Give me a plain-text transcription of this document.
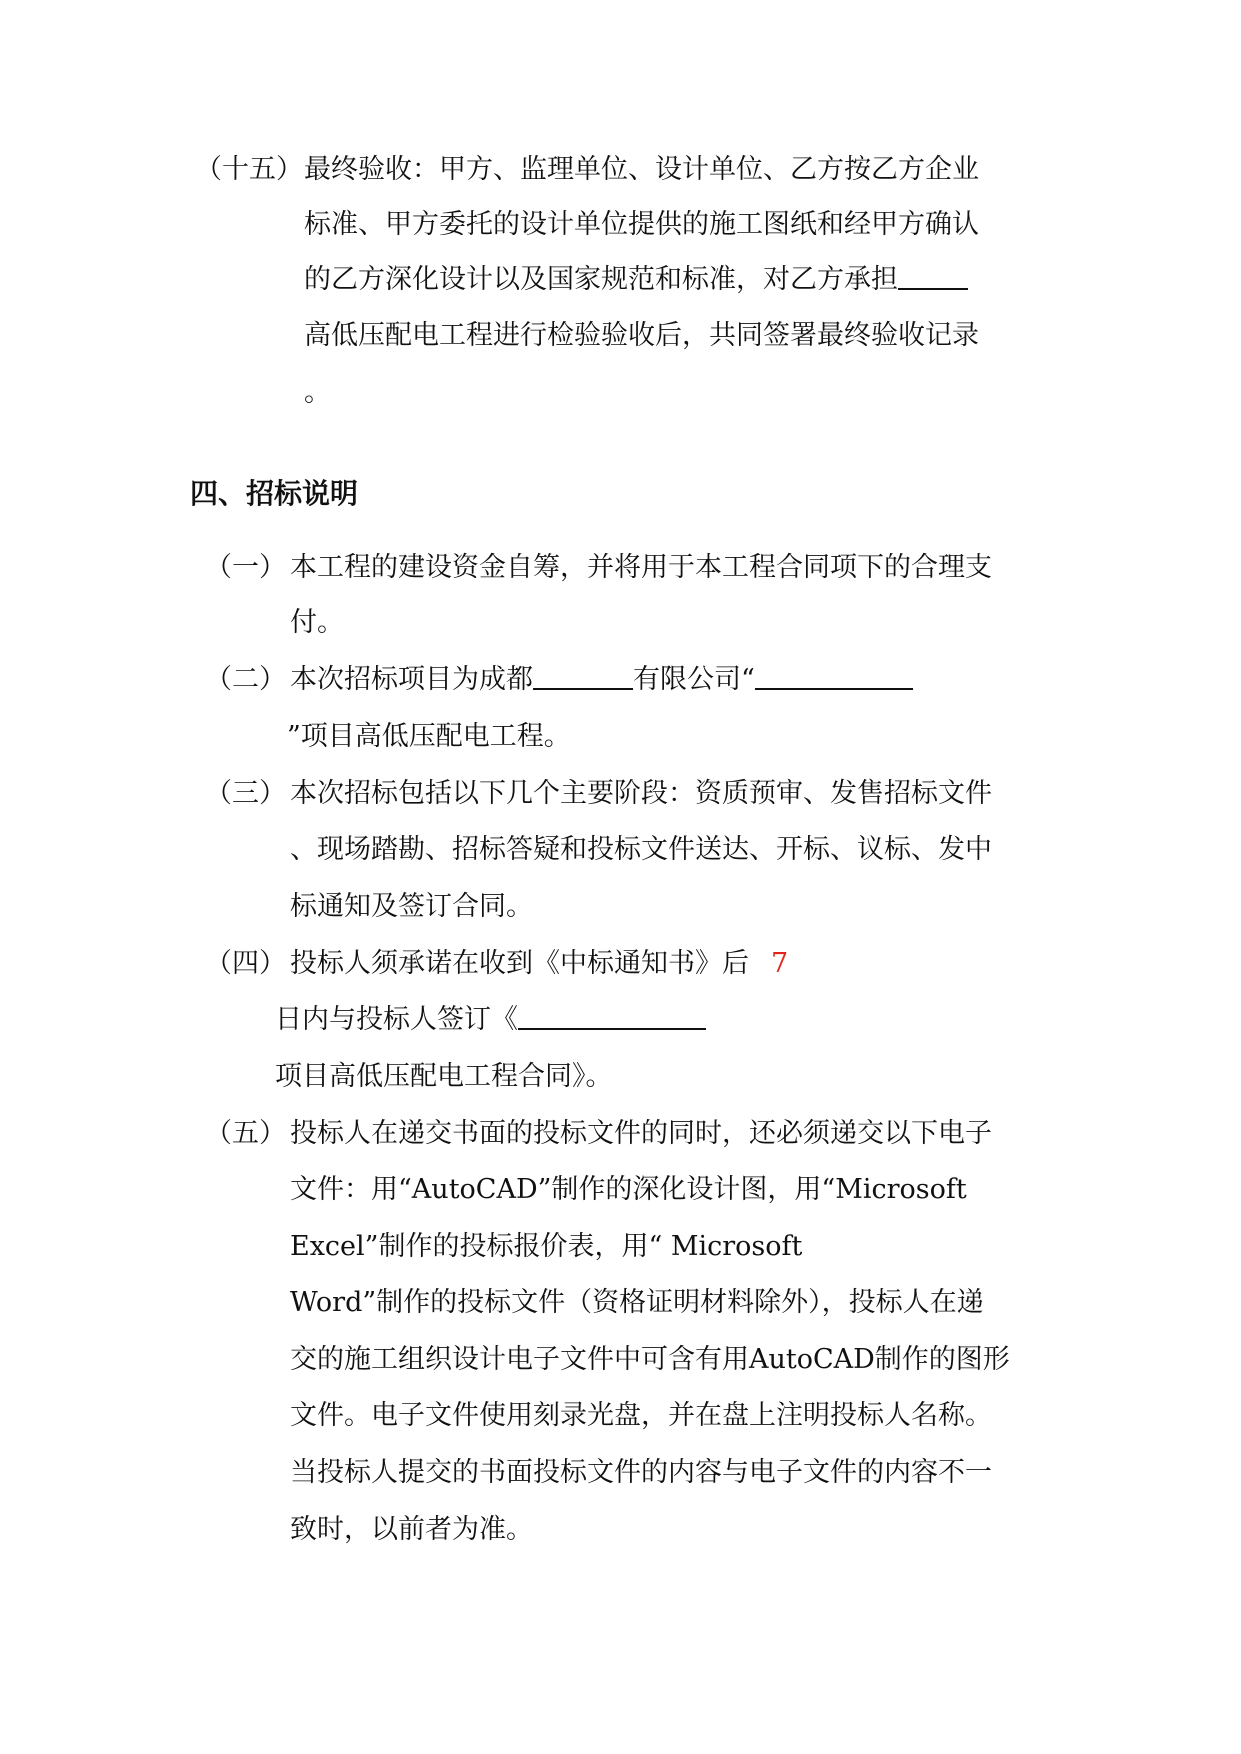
（十五） 最终验收：甲方、监理单位、设计单位、乙方按乙方企业
标准、甲方委托的设计单位提供的施工图纸和经甲方确认
的乙方深化设计以及国家规范和标准，对乙方承担
高低压配电工程进行检验验收后，共同签署最终验收记录
。
四、招标说明
（一） 本工程的建设资金自筹，并将用于本工程合同项下的合理支
付。
（二） 本次招标项目为成都	有限公司“
”项目高低压配电工程。
（三） 本次招标包括以下几个主要阶段：资质预审、发售招标文件
、现场踏勘、招标答疑和投标文件送达、开标、议标、发中
标通知及签订合同。
（四） 投标人须承诺在收到《中标通知书》后 7
日内与投标人签订《
项目高低压配电工程合同》。
（五） 投标人在递交书面的投标文件的同时，还必须递交以下电子
文件：用“AutoCAD”制作的深化设计图，用“Microsoft
Excel”制作的投标报价表，用“ Microsoft
Word”制作的投标文件（资格证明材料除外），投标人在递
交的施工组织设计电子文件中可含有用AutoCAD制作的图形
文件。电子文件使用刻录光盘，并在盘上注明投标人名称。
当投标人提交的书面投标文件的内容与电子文件的内容不一
致时，以前者为准。
